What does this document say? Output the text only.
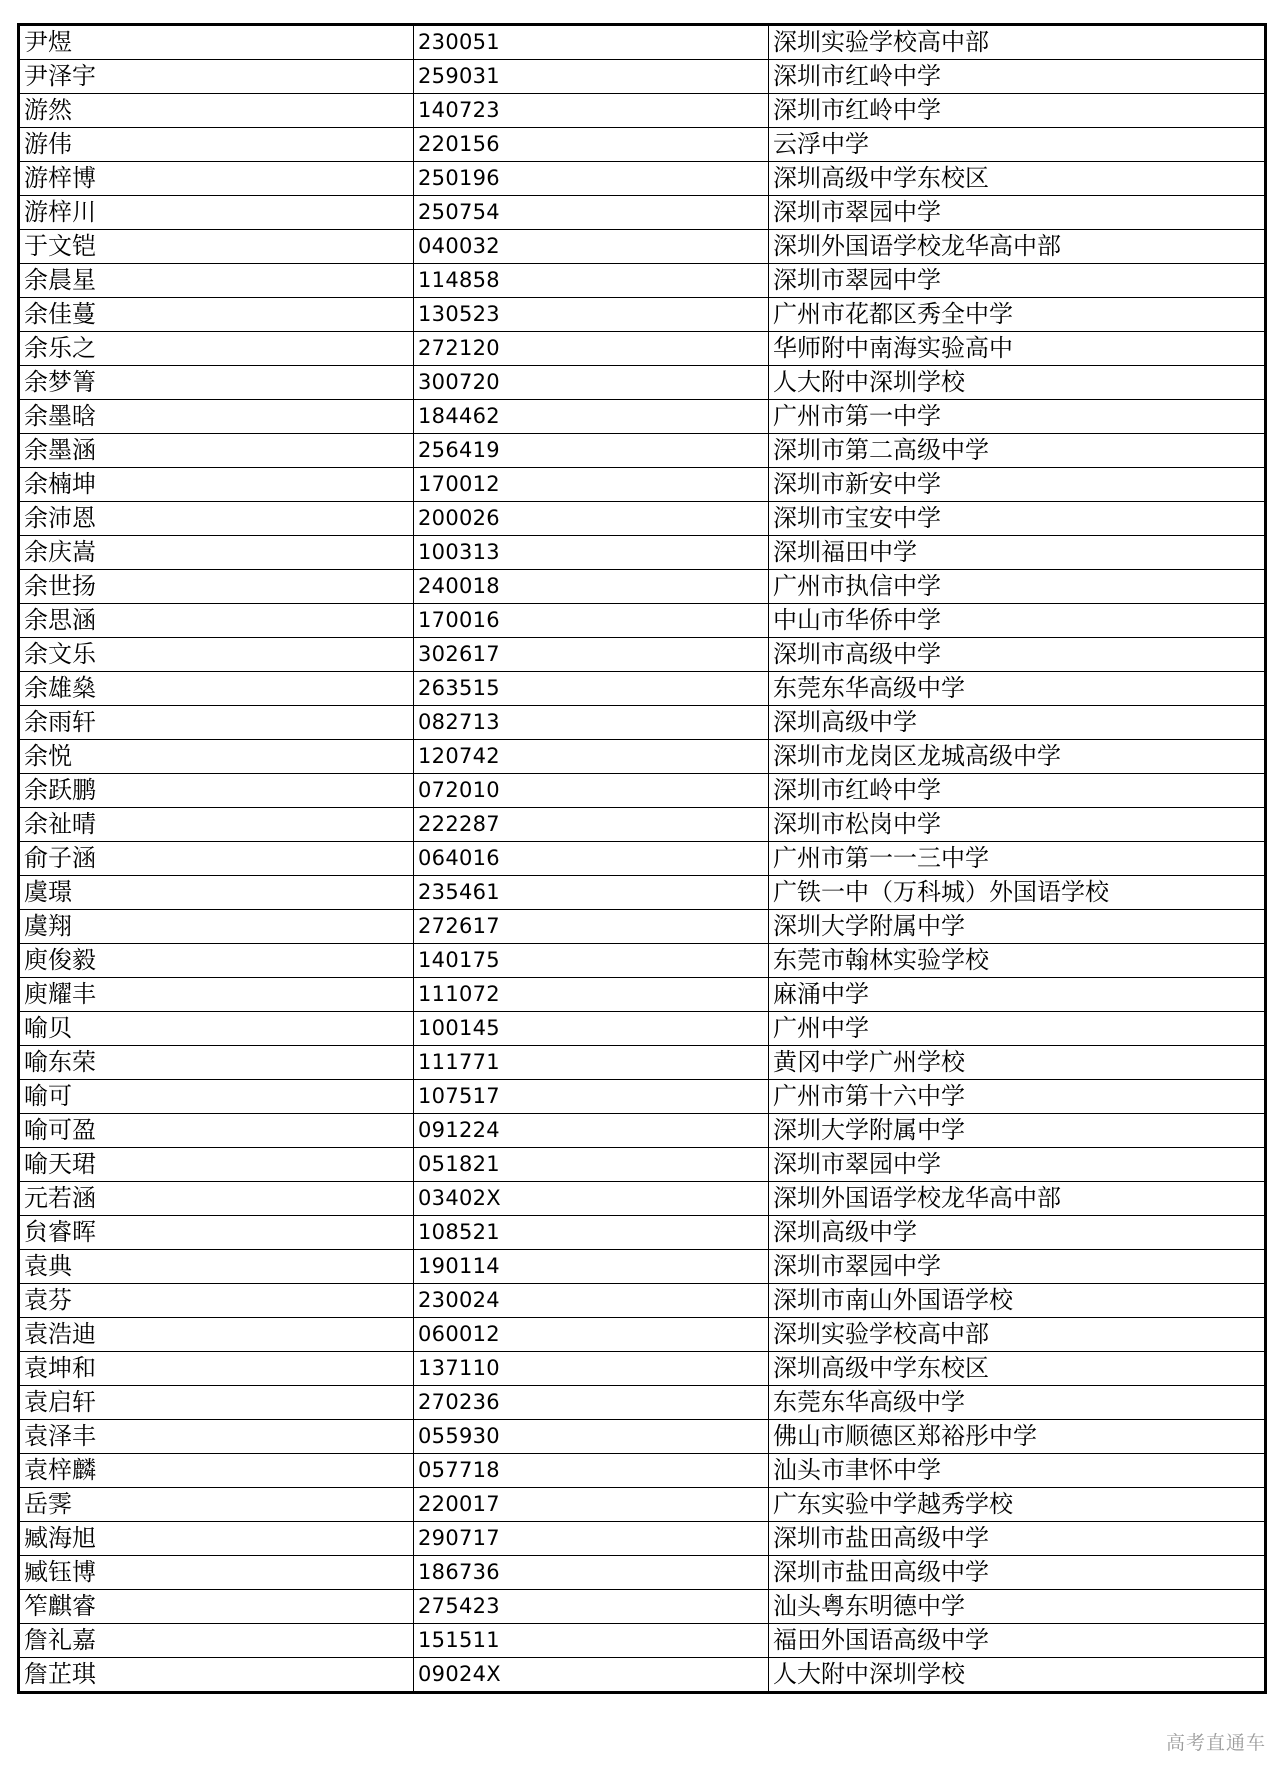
尹煜	230051	深圳实验学校高中部
尹泽宇	259031	深圳市红岭中学
游然	140723	深圳市红岭中学
游伟	220156	云浮中学
游梓博	250196	深圳高级中学东校区
游梓川	250754	深圳市翠园中学
于文铠	040032	深圳外国语学校龙华高中部
余晨星	114858	深圳市翠园中学
余佳蔓	130523	广州市花都区秀全中学
余乐之	272120	华师附中南海实验高中
余梦箐	300720	人大附中深圳学校
余墨晗	184462	广州市第一中学
余墨涵	256419	深圳市第二高级中学
余楠坤	170012	深圳市新安中学
余沛恩	200026	深圳市宝安中学
余庆嵩	100313	深圳福田中学
余世扬	240018	广州市执信中学
余思涵	170016	中山市华侨中学
余文乐	302617	深圳市高级中学
余雄燊	263515	东莞东华高级中学
余雨轩	082713	深圳高级中学
余悦	120742	深圳市龙岗区龙城高级中学
余跃鹏	072010	深圳市红岭中学
余祉晴	222287	深圳市松岗中学
俞子涵	064016	广州市第一一三中学
虞璟	235461	广铁一中（万科城）外国语学校
虞翔	272617	深圳大学附属中学
庾俊毅	140175	东莞市翰林实验学校
庾耀丰	111072	麻涌中学
喻贝	100145	广州中学
喻东荣	111771	黄冈中学广州学校
喻可	107517	广州市第十六中学
喻可盈	091224	深圳大学附属中学
喻天珺	051821	深圳市翠园中学
元若涵	03402X	深圳外国语学校龙华高中部
贠睿晖	108521	深圳高级中学
袁典	190114	深圳市翠园中学
袁芬	230024	深圳市南山外国语学校
袁浩迪	060012	深圳实验学校高中部
袁坤和	137110	深圳高级中学东校区
袁启轩	270236	东莞东华高级中学
袁泽丰	055930	佛山市顺德区郑裕彤中学
袁梓麟	057718	汕头市聿怀中学
岳霁	220017	广东实验中学越秀学校
臧海旭	290717	深圳市盐田高级中学
臧钰博	186736	深圳市盐田高级中学
笮麒睿	275423	汕头粤东明德中学
詹礼嘉	151511	福田外国语高级中学
詹芷琪	09024X	人大附中深圳学校
高考直通车
